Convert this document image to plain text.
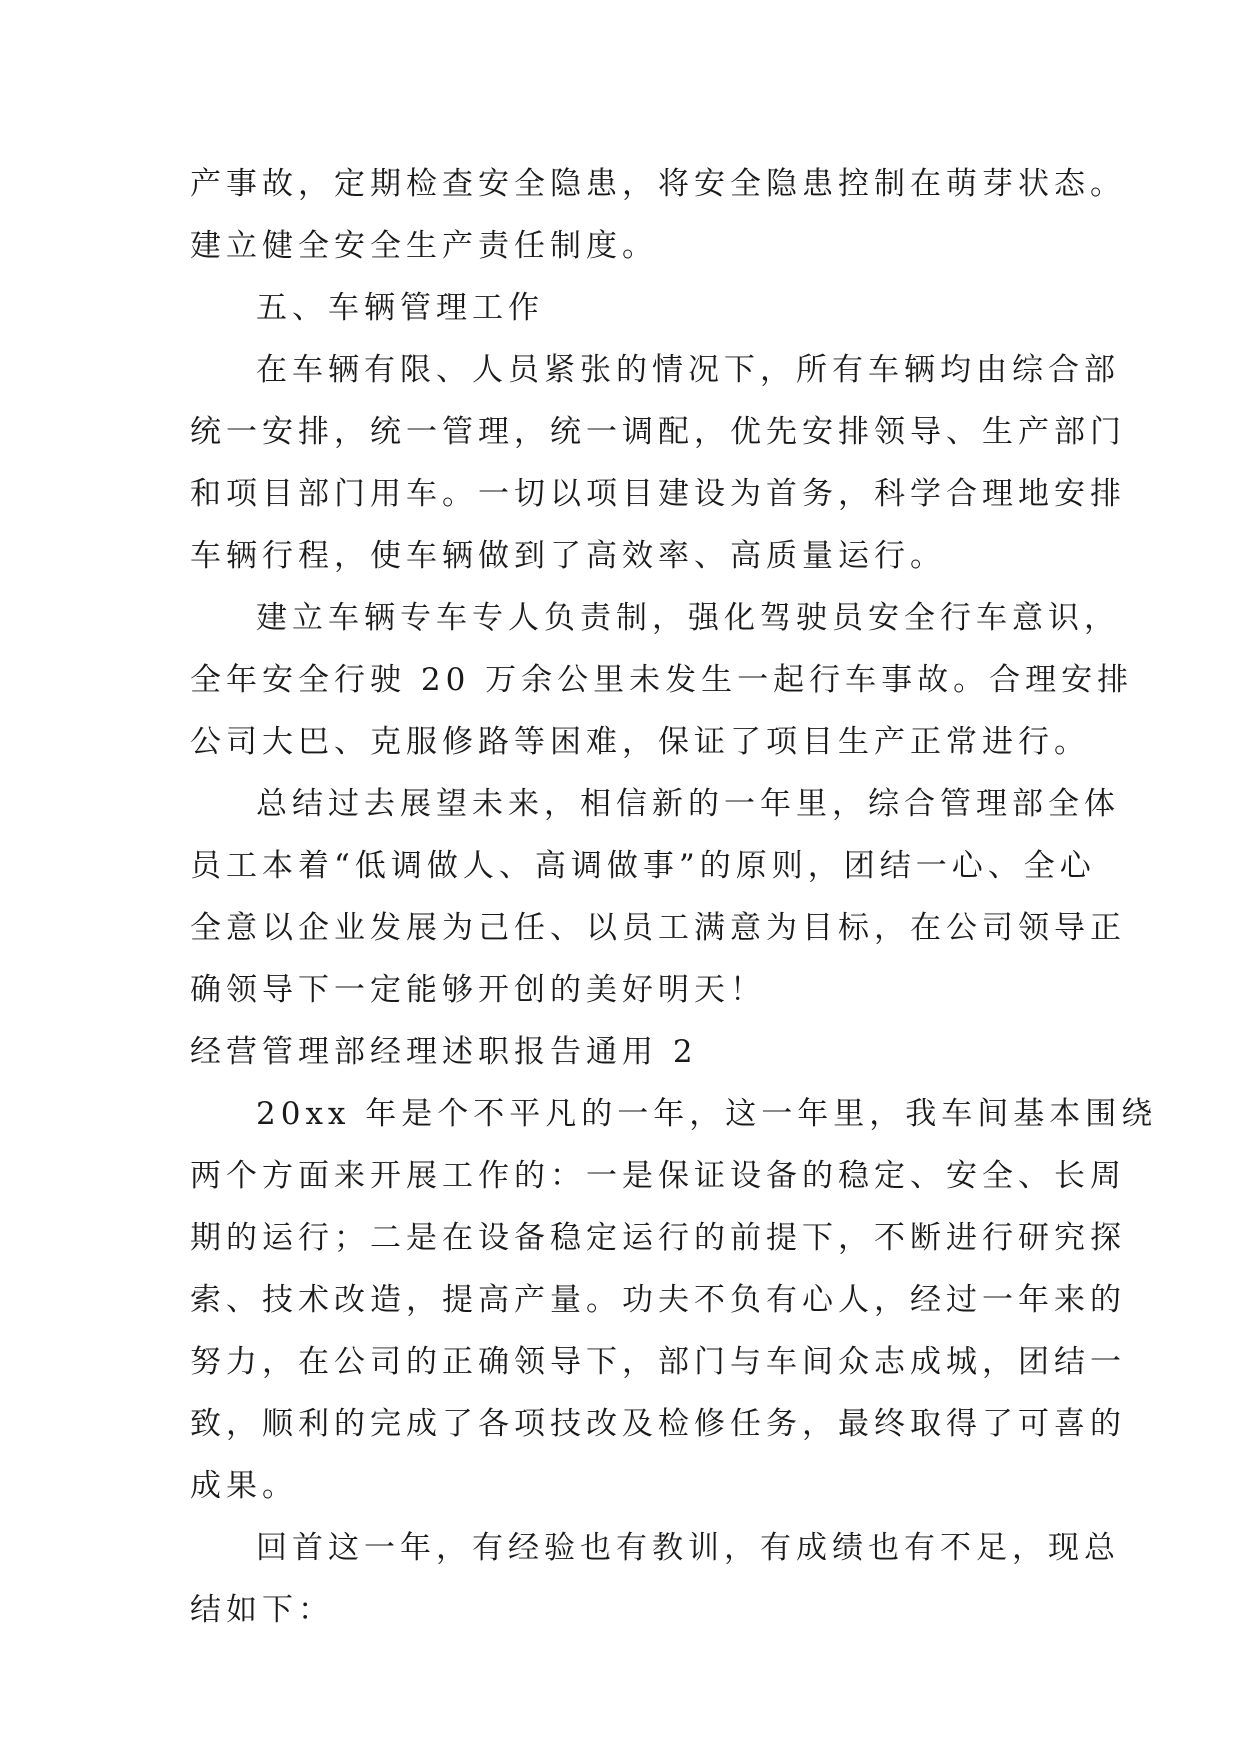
产事故，定期检查安全隐患，将安全隐患控制在萌芽状态。
建立健全安全生产责任制度。
五、车辆管理工作
在车辆有限、人员紧张的情况下，所有车辆均由综合部
统一安排，统一管理，统一调配，优先安排领导、生产部门
和项目部门用车。一切以项目建设为首务，科学合理地安排
车辆行程，使车辆做到了高效率、高质量运行。
建立车辆专车专人负责制，强化驾驶员安全行车意识，
全年安全行驶 20 万余公里未发生一起行车事故。合理安排
公司大巴、克服修路等困难，保证了项目生产正常进行。
总结过去展望未来，相信新的一年里，综合管理部全体
员工本着“低调做人、高调做事”的原则，团结一心、全心
全意以企业发展为己任、以员工满意为目标，在公司领导正
确领导下一定能够开创的美好明天！
经营管理部经理述职报告通用 2
20xx 年是个不平凡的一年，这一年里，我车间基本围绕
两个方面来开展工作的：一是保证设备的稳定、安全、长周
期的运行；二是在设备稳定运行的前提下，不断进行研究探
索、技术改造，提高产量。功夫不负有心人，经过一年来的
努力，在公司的正确领导下，部门与车间众志成城，团结一
致，顺利的完成了各项技改及检修任务，最终取得了可喜的
成果。
回首这一年，有经验也有教训，有成绩也有不足，现总
结如下：
